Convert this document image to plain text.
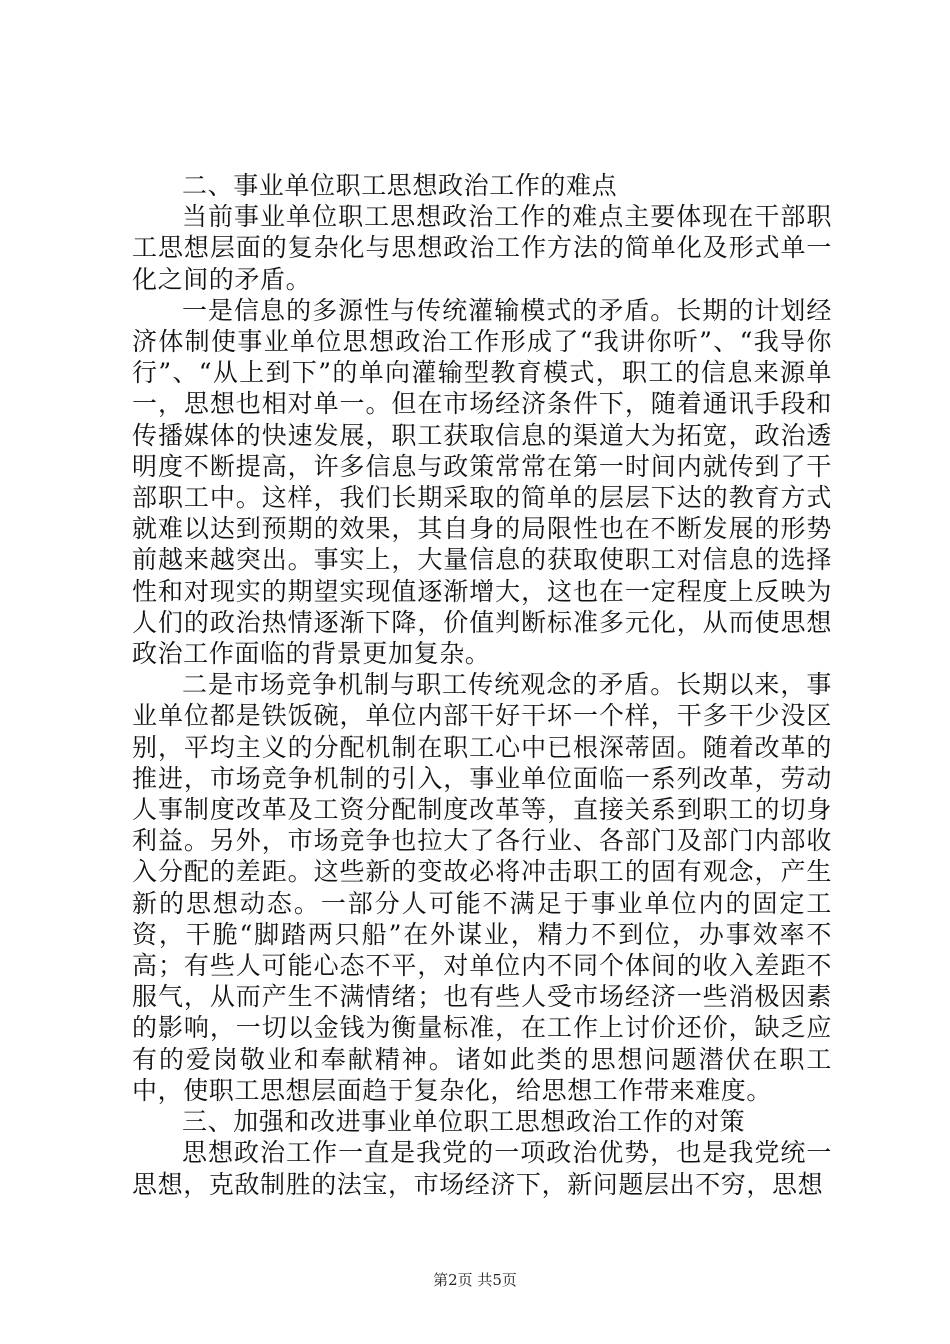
二、事业单位职工思想政治工作的难点

当前事业单位职工思想政治工作的难点主要体现在干部职工思想层面的复杂化与思想政治工作方法的简单化及形式单一化之间的矛盾。

一是信息的多源性与传统灌输模式的矛盾。长期的计划经济体制使事业单位思想政治工作形成了“我讲你听”、“我导你行”、“从上到下”的单向灌输型教育模式，职工的信息来源单一，思想也相对单一。但在市场经济条件下，随着通讯手段和传播媒体的快速发展，职工获取信息的渠道大为拓宽，政治透明度不断提高，许多信息与政策常常在第一时间内就传到了干部职工中。这样，我们长期采取的简单的层层下达的教育方式就难以达到预期的效果，其自身的局限性也在不断发展的形势前越来越突出。事实上，大量信息的获取使职工对信息的选择性和对现实的期望实现值逐渐增大，这也在一定程度上反映为人们的政治热情逐渐下降，价值判断标准多元化，从而使思想政治工作面临的背景更加复杂。

二是市场竞争机制与职工传统观念的矛盾。长期以来，事业单位都是铁饭碗，单位内部干好干坏一个样，干多干少没区别，平均主义的分配机制在职工心中已根深蒂固。随着改革的推进，市场竞争机制的引入，事业单位面临一系列改革，劳动人事制度改革及工资分配制度改革等，直接关系到职工的切身利益。另外，市场竞争也拉大了各行业、各部门及部门内部收入分配的差距。这些新的变故必将冲击职工的固有观念，产生新的思想动态。一部分人可能不满足于事业单位内的固定工资，干脆“脚踏两只船”在外谋业，精力不到位，办事效率不高；有些人可能心态不平，对单位内不同个体间的收入差距不服气，从而产生不满情绪；也有些人受市场经济一些消极因素的影响，一切以金钱为衡量标准，在工作上讨价还价，缺乏应有的爱岗敬业和奉献精神。诸如此类的思想问题潜伏在职工中，使职工思想层面趋于复杂化，给思想工作带来难度。

三、加强和改进事业单位职工思想政治工作的对策

思想政治工作一直是我党的一项政治优势，也是我党统一思想，克敌制胜的法宝，市场经济下，新问题层出不穷，思想

第2页 共5页
